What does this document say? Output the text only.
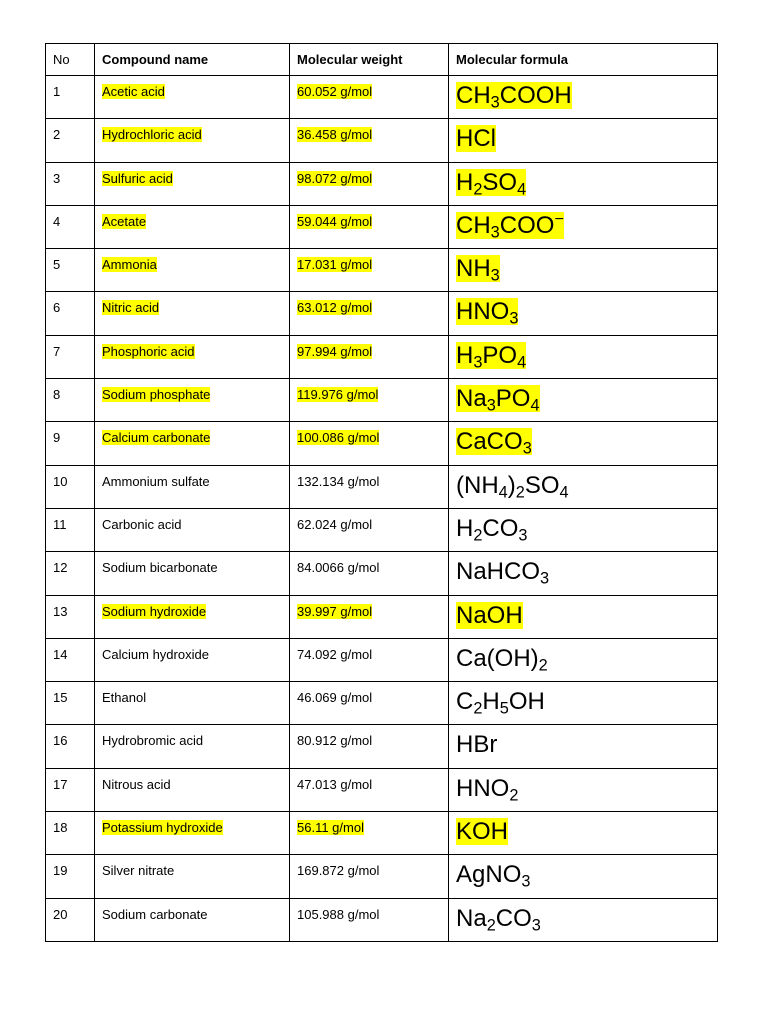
No	Compound name	Molecular weight	Molecular formula
1	Acetic acid	60.052 g/mol	$CH_3COOH$
2	Hydrochloric acid	36.458 g/mol	HCl
3	Sulfuric acid	98.072 g/mol	$H_2SO_4$
4	Acetate	59.044 g/mol	$CH_3COO^-$
5	Ammonia	17.031 g/mol	$NH_3$
6	Nitric acid	63.012 g/mol	$HNO_3$
7	Phosphoric acid	97.994 g/mol	$H_3PO_4$
8	Sodium phosphate	119.976 g/mol	$Na_3PO_4$
9	Calcium carbonate	100.086 g/mol	CaCO$_3$
10	Ammonium sulfate	132.134 g/mol	$(NH_4)_2SO_4$
11	Carbonic acid	62.024 g/mol	$H_2CO_3$
12	Sodium bicarbonate	84.0066 g/mol	NaHCO$_3$
13	Sodium hydroxide	39.997 g/mol	NaOH
14	Calcium hydroxide	74.092 g/mol	$Ca(OH)_2$
15	Ethanol	46.069 g/mol	$C_2H_5OH$
16	Hydrobromic acid	80.912 g/mol	HBr
17	Nitrous acid	47.013 g/mol	$HNO_2$
18	Potassium hydroxide	56.11 g/mol	KOH
19	Silver nitrate	169.872 g/mol	AgNO$_3$
20	Sodium carbonate	105.988 g/mol	$Na_2CO_3$
